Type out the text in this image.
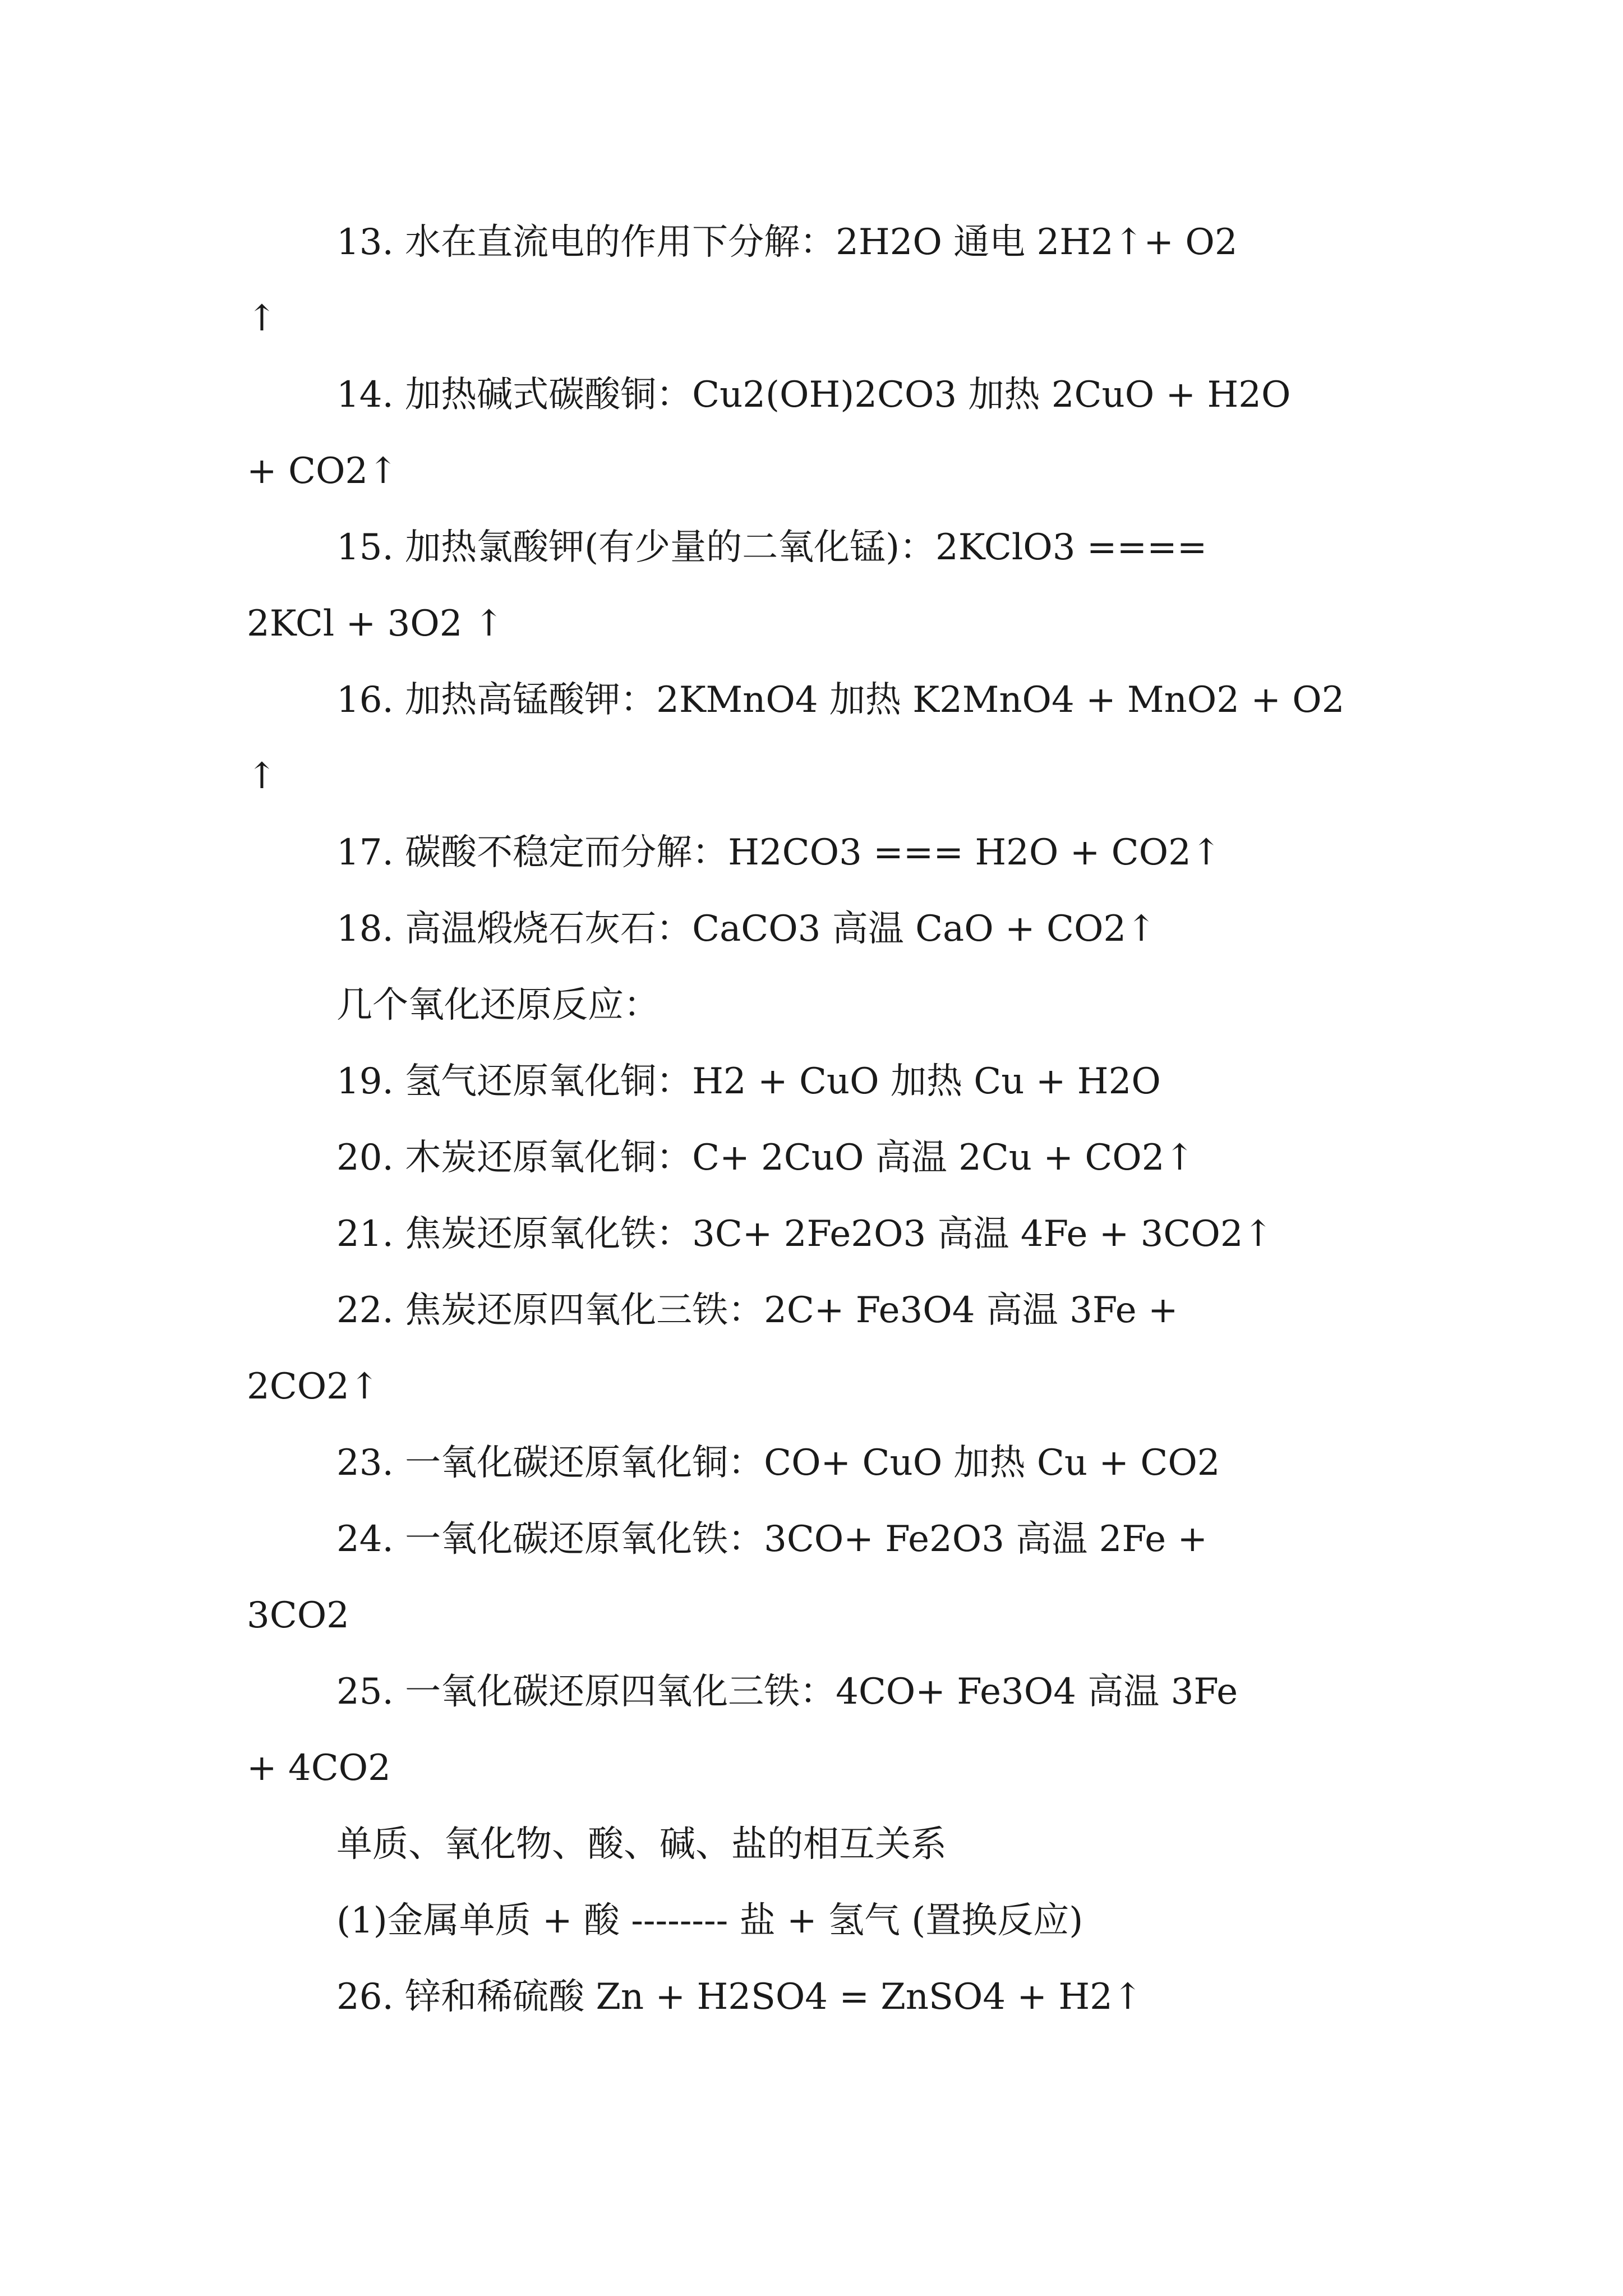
13. 水在直流电的作用下分解：2H2O 通电 2H2↑+ O2
↑
14. 加热碱式碳酸铜：Cu2(OH)2CO3 加热 2CuO + H2O
+ CO2↑
15. 加热氯酸钾(有少量的二氧化锰)：2KClO3 ====
2KCl + 3O2 ↑
16. 加热高锰酸钾：2KMnO4 加热 K2MnO4 + MnO2 + O2
↑
17. 碳酸不稳定而分解：H2CO3 === H2O + CO2↑
18. 高温煅烧石灰石：CaCO3 高温 CaO + CO2↑
几个氧化还原反应：
19. 氢气还原氧化铜：H2 + CuO 加热 Cu + H2O
20. 木炭还原氧化铜：C+ 2CuO 高温 2Cu + CO2↑
21. 焦炭还原氧化铁：3C+ 2Fe2O3 高温 4Fe + 3CO2↑
22. 焦炭还原四氧化三铁：2C+ Fe3O4 高温 3Fe +
2CO2↑
23. 一氧化碳还原氧化铜：CO+ CuO 加热 Cu + CO2
24. 一氧化碳还原氧化铁：3CO+ Fe2O3 高温 2Fe +
3CO2
25. 一氧化碳还原四氧化三铁：4CO+ Fe3O4 高温 3Fe
+ 4CO2
单质、氧化物、酸、碱、盐的相互关系
(1)金属单质 + 酸 -------- 盐 + 氢气 (置换反应)
26. 锌和稀硫酸 Zn + H2SO4 = ZnSO4 + H2↑
